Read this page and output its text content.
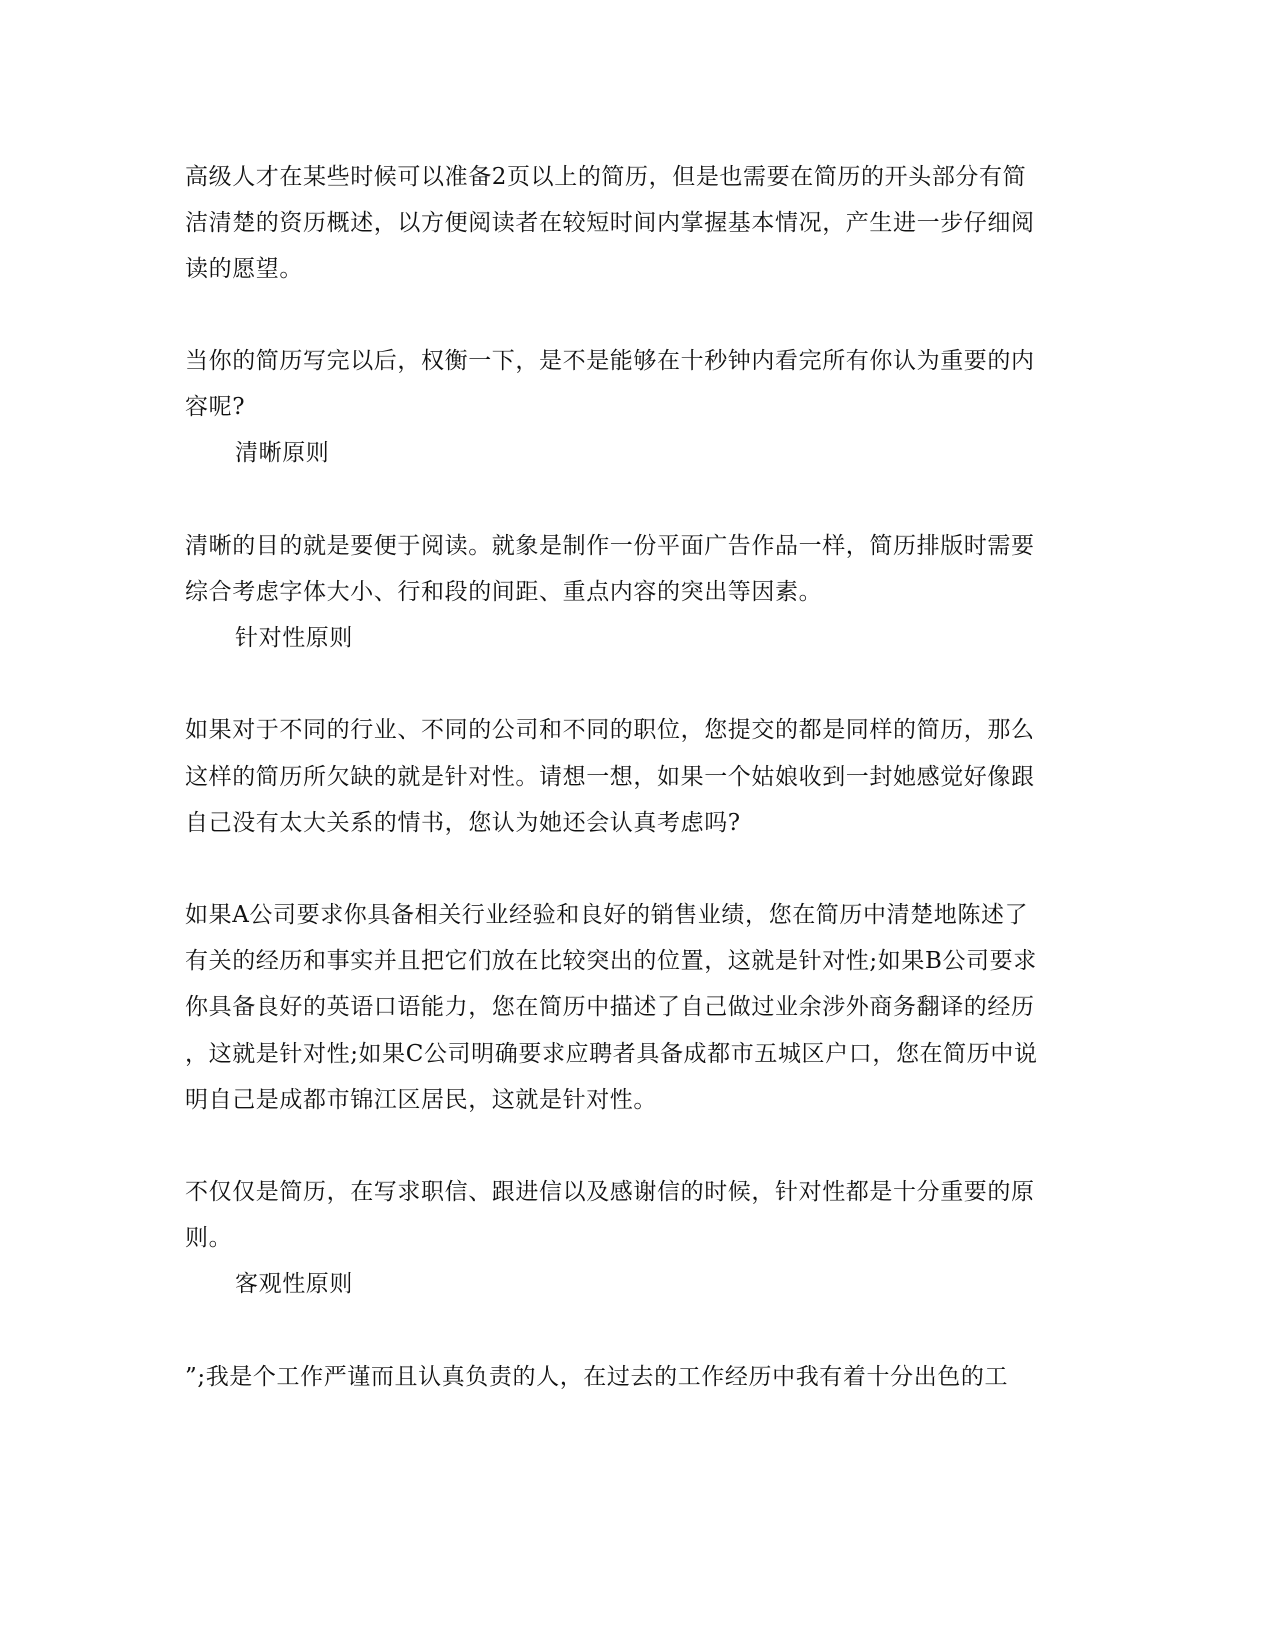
高级人才在某些时候可以准备2页以上的简历，但是也需要在简历的开头部分有简
洁清楚的资历概述，以方便阅读者在较短时间内掌握基本情况，产生进一步仔细阅
读的愿望。
当你的简历写完以后，权衡一下，是不是能够在十秒钟内看完所有你认为重要的内
容呢?
清晰原则
清晰的目的就是要便于阅读。就象是制作一份平面广告作品一样，简历排版时需要
综合考虑字体大小、行和段的间距、重点内容的突出等因素。
针对性原则
如果对于不同的行业、不同的公司和不同的职位，您提交的都是同样的简历，那么
这样的简历所欠缺的就是针对性。请想一想，如果一个姑娘收到一封她感觉好像跟
自己没有太大关系的情书，您认为她还会认真考虑吗?
如果A公司要求你具备相关行业经验和良好的销售业绩，您在简历中清楚地陈述了
有关的经历和事实并且把它们放在比较突出的位置，这就是针对性;如果B公司要求
你具备良好的英语口语能力，您在简历中描述了自己做过业余涉外商务翻译的经历
，这就是针对性;如果C公司明确要求应聘者具备成都市五城区户口，您在简历中说
明自己是成都市锦江区居民，这就是针对性。
不仅仅是简历，在写求职信、跟进信以及感谢信的时候，针对性都是十分重要的原
则。
客观性原则
”;我是个工作严谨而且认真负责的人，在过去的工作经历中我有着十分出色的工
